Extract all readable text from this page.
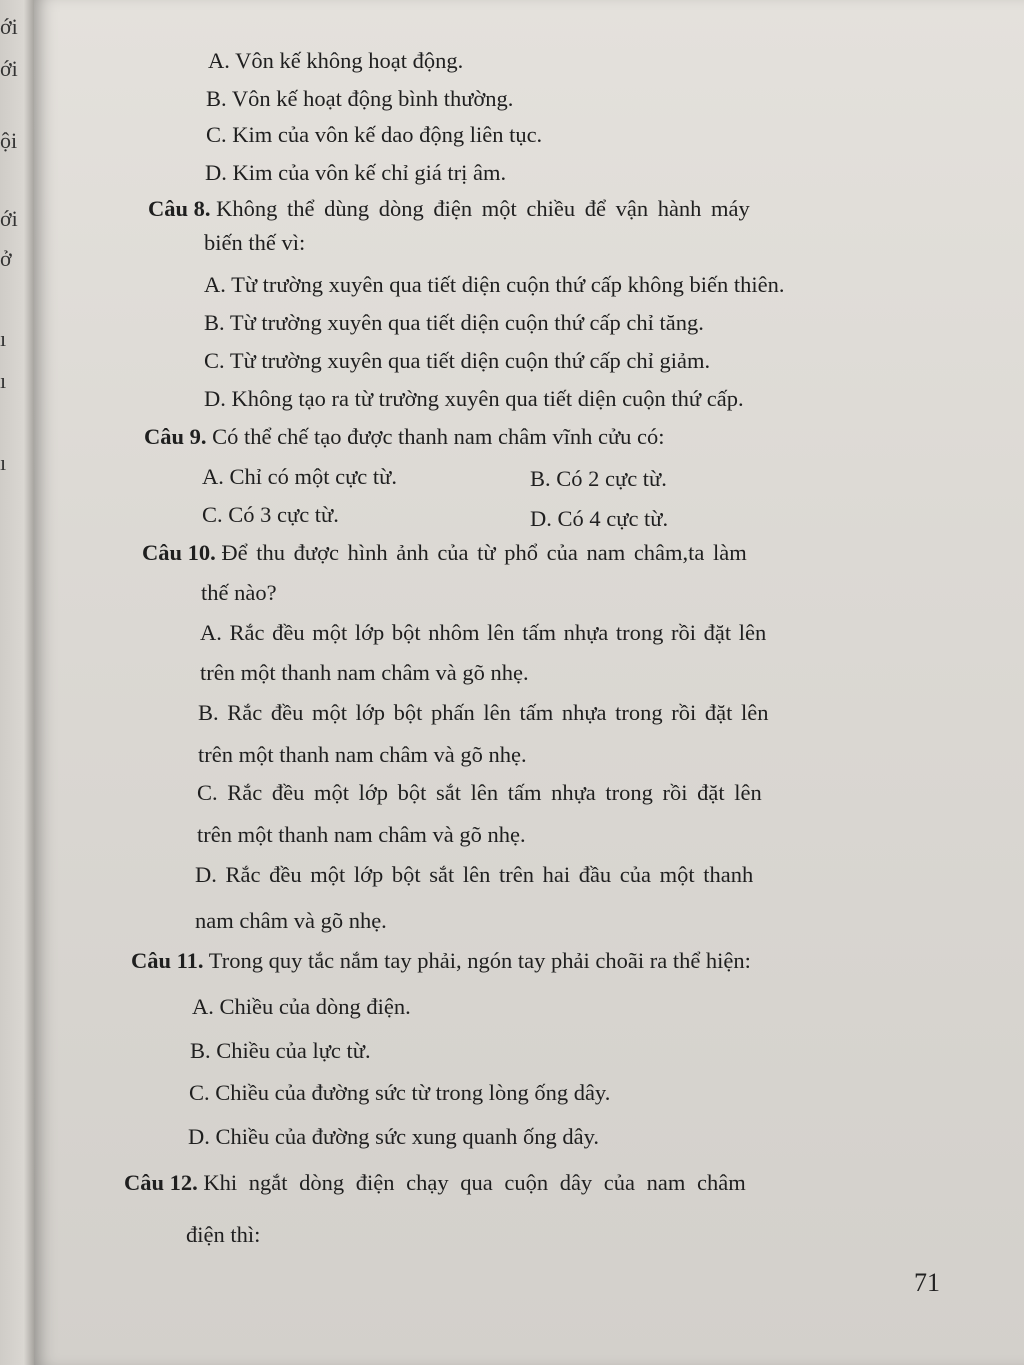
ới
ới
ội
ới
ở
ı
ı
ı
A. Vôn kế không hoạt động.
B. Vôn kế hoạt động bình thường.
C. Kim của vôn kế dao động liên tục.
D. Kim của vôn kế chỉ giá trị âm.
Câu 8. Không thể dùng dòng điện một chiều để vận hành máy
biến thế vì:
A. Từ trường xuyên qua tiết diện cuộn thứ cấp không biến thiên.
B. Từ trường xuyên qua tiết diện cuộn thứ cấp chỉ tăng.
C. Từ trường xuyên qua tiết diện cuộn thứ cấp chỉ giảm.
D. Không tạo ra từ trường xuyên qua tiết diện cuộn thứ cấp.
Câu 9. Có thể chế tạo được thanh nam châm vĩnh cửu có:
A. Chỉ có một cực từ.	B. Có 2 cực từ.
C. Có 3 cực từ.	D. Có 4 cực từ.
Câu 10. Để thu được hình ảnh của từ phổ của nam châm,ta làm
thế nào?
A. Rắc đều một lớp bột nhôm lên tấm nhựa trong rồi đặt lên
trên một thanh nam châm và gõ nhẹ.
B. Rắc đều một lớp bột phấn lên tấm nhựa trong rồi đặt lên
trên một thanh nam châm và gõ nhẹ.
C. Rắc đều một lớp bột sắt lên tấm nhựa trong rồi đặt lên
trên một thanh nam châm và gõ nhẹ.
D. Rắc đều một lớp bột sắt lên trên hai đầu của một thanh
nam châm và gõ nhẹ.
Câu 11. Trong quy tắc nắm tay phải, ngón tay phải choãi ra thể hiện:
A. Chiều của dòng điện.
B. Chiều của lực từ.
C. Chiều của đường sức từ trong lòng ống dây.
D. Chiều của đường sức xung quanh ống dây.
Câu 12. Khi ngắt dòng điện chạy qua cuộn dây của nam châm
điện thì:
71
